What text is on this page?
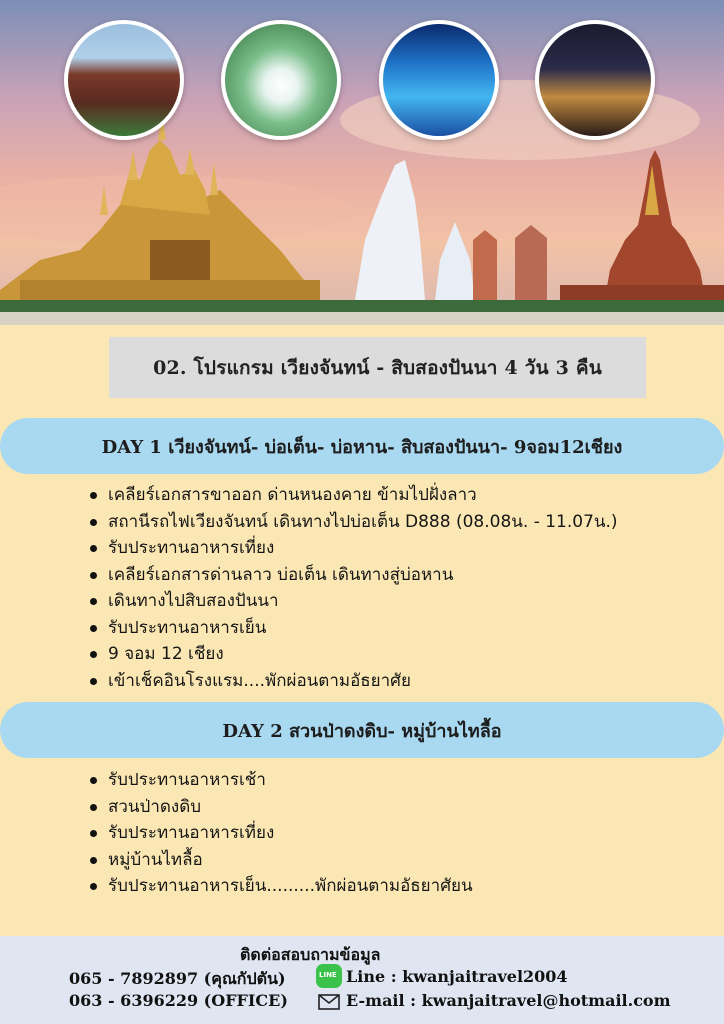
02. โปรแกรม เวียงจันทน์ - สิบสองปันนา 4 วัน 3 คืน
DAY 1 เวียงจันทน์- บ่อเต็น- บ่อหาน- สิบสองปันนา- 9จอม12เชียง
เคลียร์เอกสารขาออก ด่านหนองคาย ข้ามไปฝั่งลาว
สถานีรถไฟเวียงจันทน์ เดินทางไปบ่อเต็น D888 (08.08น. - 11.07น.)
รับประทานอาหารเที่ยง
เคลียร์เอกสารด่านลาว บ่อเต็น เดินทางสู่บ่อหาน
เดินทางไปสิบสองปันนา
รับประทานอาหารเย็น
9 จอม 12 เชียง
เข้าเช็คอินโรงแรม....พักผ่อนตามอัธยาศัย
DAY 2 สวนป่าดงดิบ- หมู่บ้านไทลื้อ
รับประทานอาหารเช้า
สวนป่าดงดิบ
รับประทานอาหารเที่ยง
หมู่บ้านไทลื้อ
รับประทานอาหารเย็น.........พักผ่อนตามอัธยาศัยน
ติดต่อสอบถามข้อมูล
065 - 7892897 (คุณกัปตัน)
063 - 6396229 (OFFICE)
LINE
Line : kwanjaitravel2004
E-mail : kwanjaitravel@hotmail.com
